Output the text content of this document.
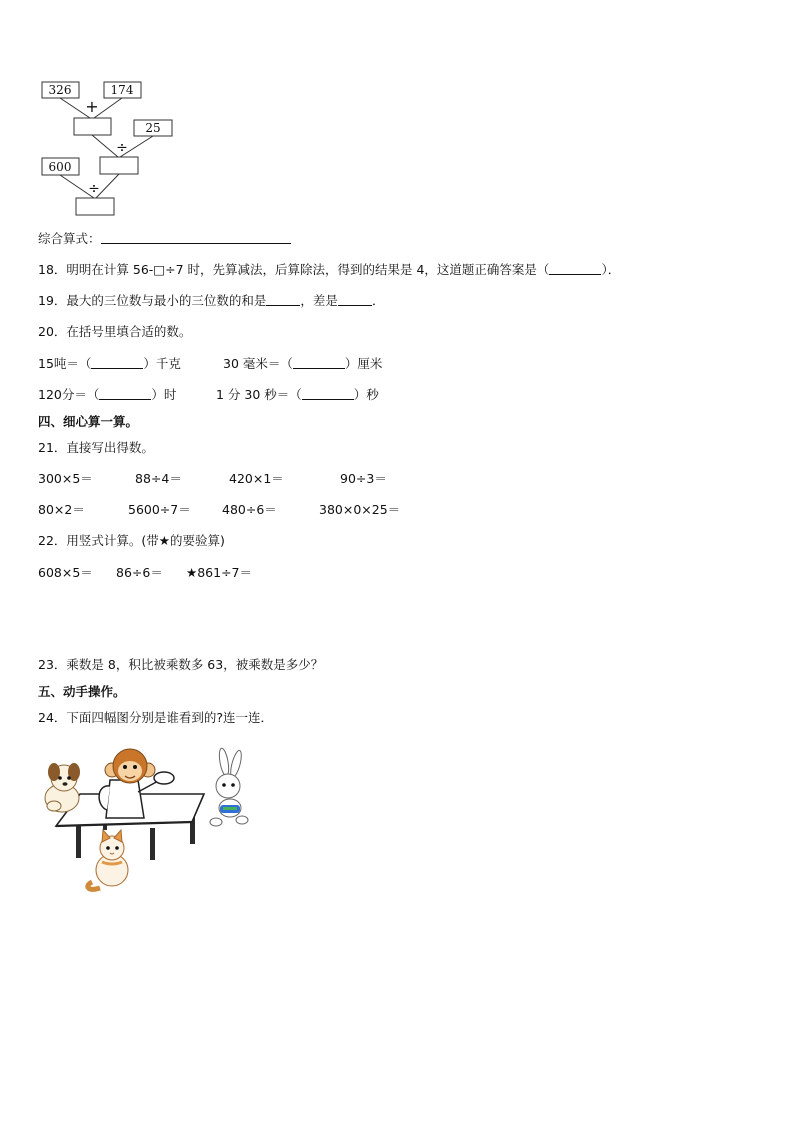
326	174
25
600
+
÷
÷
综合算式：
18．明明在计算 56-□÷7 时，先算减法，后算除法，得到的结果是 4，这道题正确答案是（	）．
19．最大的三位数与最小的三位数的和是	，差是	．
20．在括号里填合适的数。
15吨＝（	）千克	30 毫米＝（	）厘米
120分＝（	）时	1 分 30 秒＝（	）秒
四、细心算一算。
21．直接写出得数。
300×5＝	88÷4＝	420×1＝	90÷3＝
80×2＝	5600÷7＝	480÷6＝	380×0×25＝
22．用竖式计算。(带★的要验算)
608×5＝ 86÷6＝ ★861÷7＝
23．乘数是 8，积比被乘数多 63，被乘数是多少？
五、动手操作。
24．下面四幅图分别是谁看到的?连一连．
